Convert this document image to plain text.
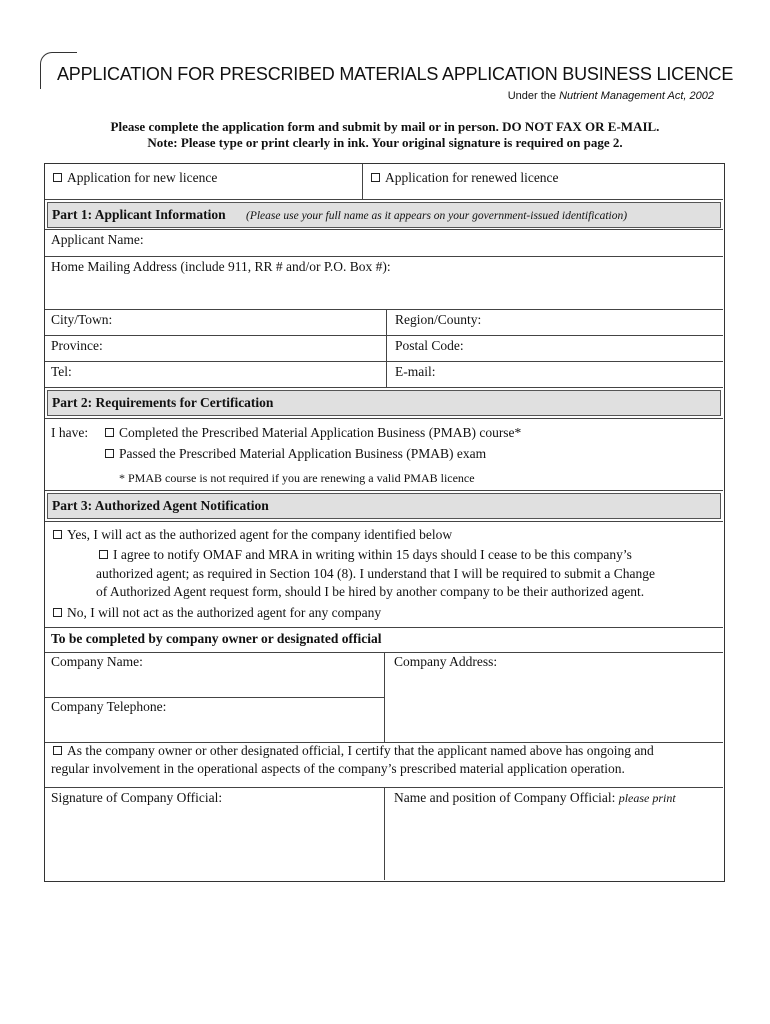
APPLICATION FOR PRESCRIBED MATERIALS APPLICATION BUSINESS LICENCE
Under the Nutrient Management Act, 2002
Please complete the application form and submit by mail or in person. DO NOT FAX OR E-MAIL.
Note: Please type or print clearly in ink. Your original signature is required on page 2.
Application for new licence	Application for renewed licence
Part 1: Applicant Information (Please use your full name as it appears on your government-issued identification)
Applicant Name:
Home Mailing Address (include 911, RR # and/or P.O. Box #):
City/Town:	Region/County:
Province:	Postal Code:
Tel:	E-mail:
Part 2: Requirements for Certification
I have:	Completed the Prescribed Material Application Business (PMAB) course*
Passed the Prescribed Material Application Business (PMAB) exam
* PMAB course is not required if you are renewing a valid PMAB licence
Part 3: Authorized Agent Notification
Yes, I will act as the authorized agent for the company identified below
I agree to notify OMAF and MRA in writing within 15 days should I cease to be this company’s
authorized agent; as required in Section 104 (8). I understand that I will be required to submit a Change
of Authorized Agent request form, should I be hired by another company to be their authorized agent.
No, I will not act as the authorized agent for any company
To be completed by company owner or designated official
Company Name:	Company Address:
Company Telephone:
As the company owner or other designated official, I certify that the applicant named above has ongoing and
regular involvement in the operational aspects of the company’s prescribed material application operation.
Signature of Company Official:	Name and position of Company Official: please print
